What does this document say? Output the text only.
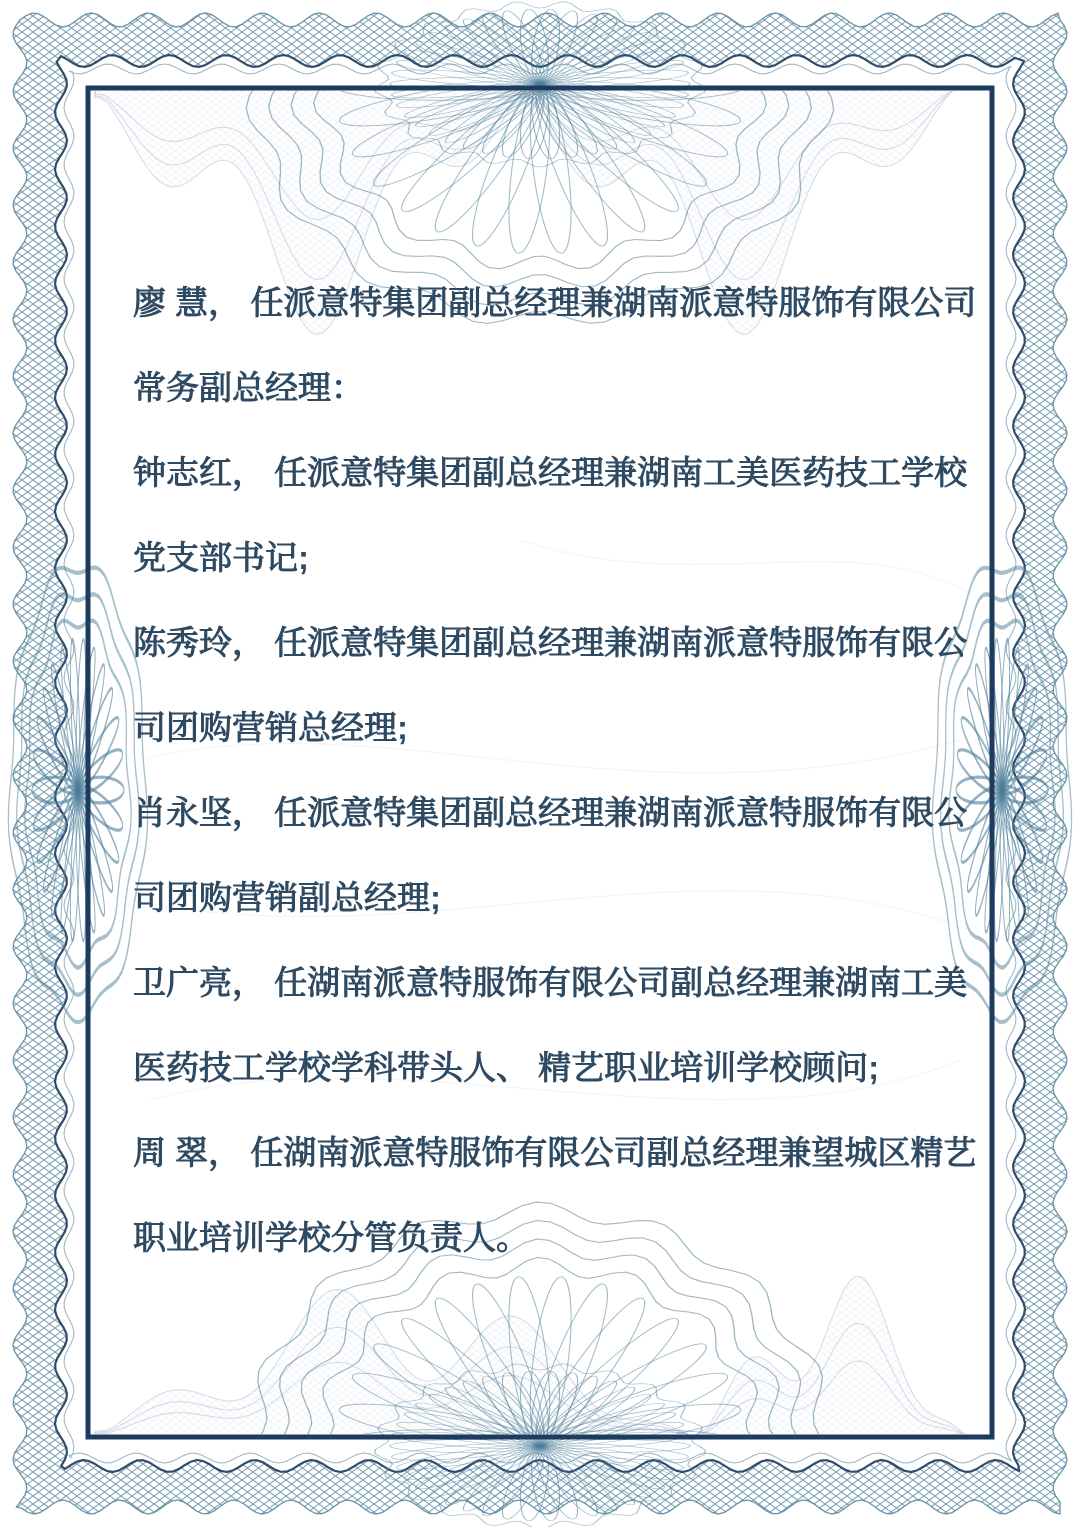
廖 慧， 任派意特集团副总经理兼湖南派意特服饰有限公司
常务副总经理：

钟志红， 任派意特集团副总经理兼湖南工美医药技工学校
党支部书记;

陈秀玲， 任派意特集团副总经理兼湖南派意特服饰有限公
司团购营销总经理;

肖永坚， 任派意特集团副总经理兼湖南派意特服饰有限公
司团购营销副总经理;

卫广亮， 任湖南派意特服饰有限公司副总经理兼湖南工美
医药技工学校学科带头人、 精艺职业培训学校顾问;

周 翠， 任湖南派意特服饰有限公司副总经理兼望城区精艺
职业培训学校分管负责人。
